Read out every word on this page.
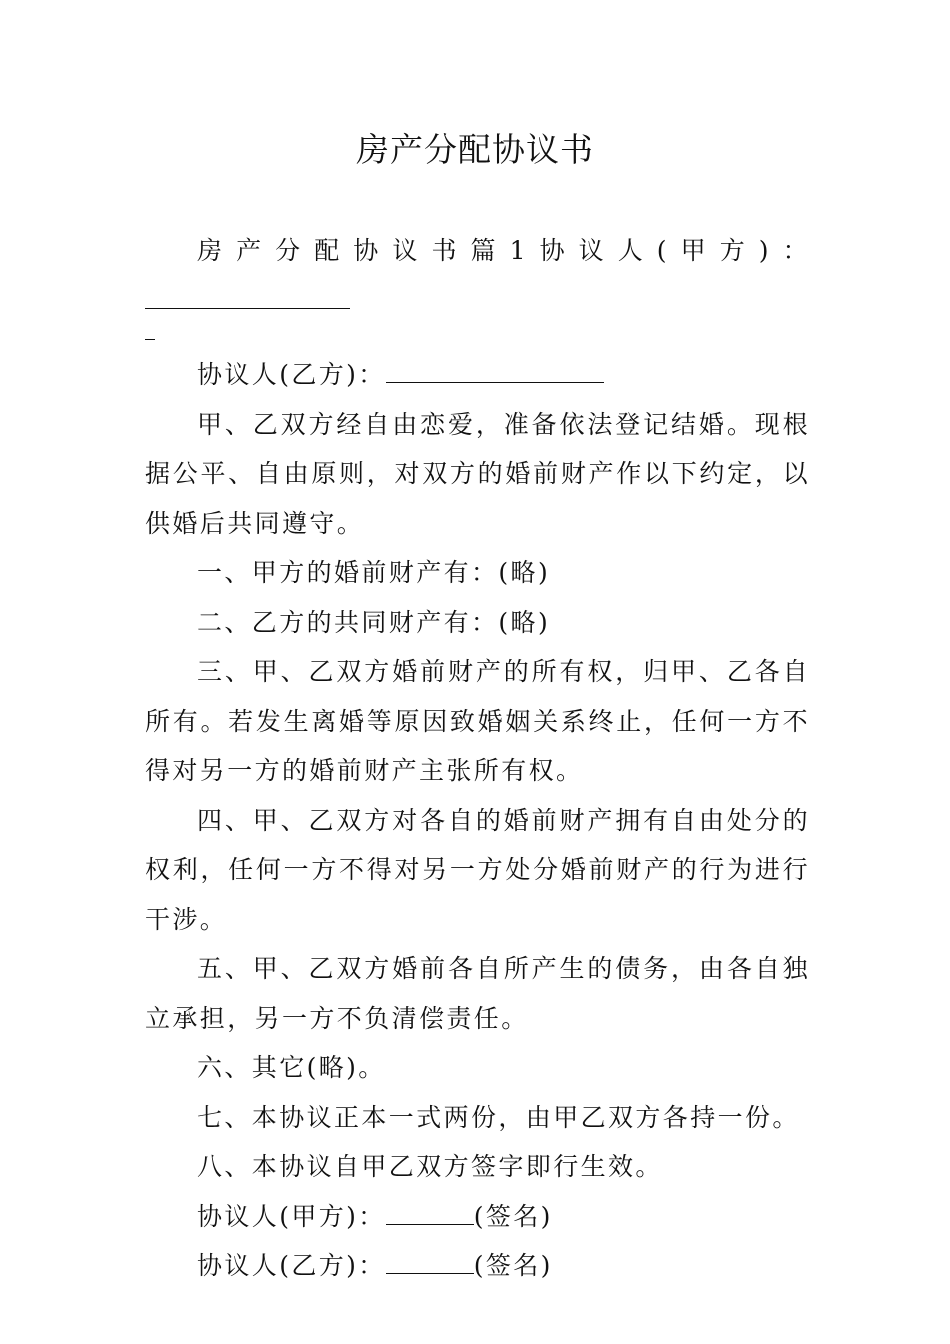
房产分配协议书

房产分配协议书篇1协议人(甲方)：

协议人(乙方)：

甲、乙双方经自由恋爱，准备依法登记结婚。现根据公平、自由原则，对双方的婚前财产作以下约定，以供婚后共同遵守。

一、甲方的婚前财产有：(略)

二、乙方的共同财产有：(略)

三、甲、乙双方婚前财产的所有权，归甲、乙各自所有。若发生离婚等原因致婚姻关系终止，任何一方不得对另一方的婚前财产主张所有权。

四、甲、乙双方对各自的婚前财产拥有自由处分的权利，任何一方不得对另一方处分婚前财产的行为进行干涉。

五、甲、乙双方婚前各自所产生的债务，由各自独立承担，另一方不负清偿责任。

六、其它(略)。

七、本协议正本一式两份，由甲乙双方各持一份。

八、本协议自甲乙双方签字即行生效。

协议人(甲方)：	(签名)

协议人(乙方)：	(签名)
